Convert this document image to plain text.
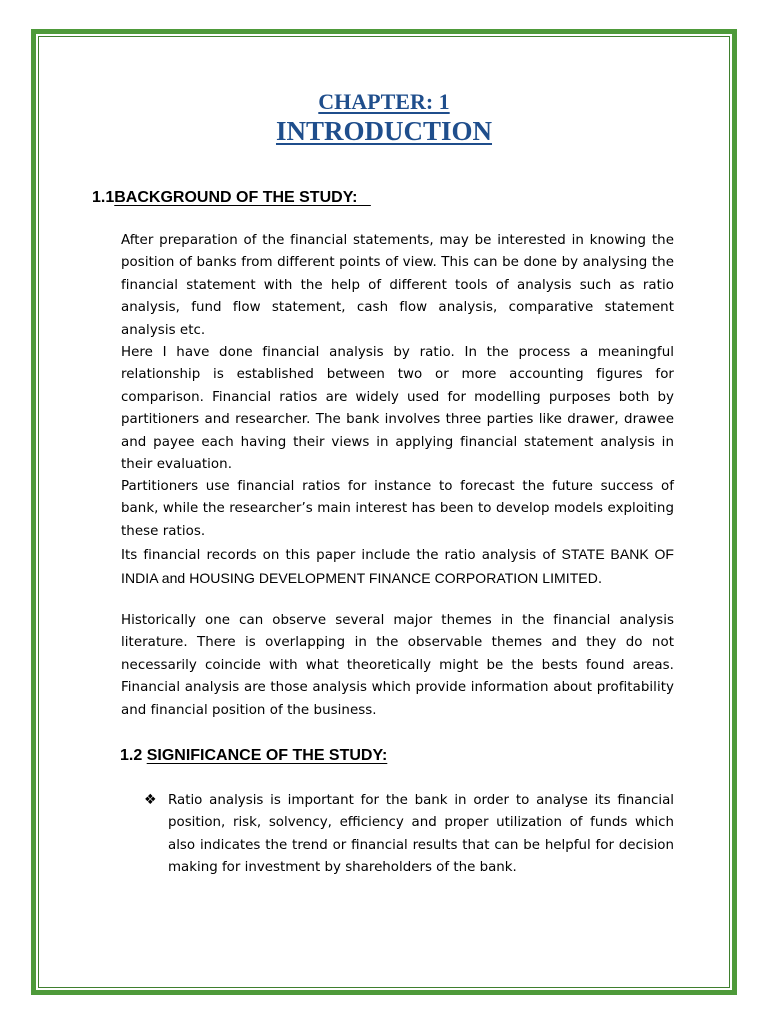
CHAPTER: 1
INTRODUCTION
1.1BACKGROUND OF THE STUDY:
After preparation of the financial statements, may be interested in knowing the position of banks from different points of view. This can be done by analysing the financial statement with the help of different tools of analysis such as ratio analysis, fund flow statement, cash flow analysis, comparative statement analysis etc.
Here I have done financial analysis by ratio. In the process a meaningful relationship is established between two or more accounting figures for comparison. Financial ratios are widely used for modelling purposes both by partitioners and researcher. The bank involves three parties like drawer, drawee and payee each having their views in applying financial statement analysis in their evaluation.
Partitioners use financial ratios for instance to forecast the future success of bank, while the researcher’s main interest has been to develop models exploiting these ratios.
Its financial records on this paper include the ratio analysis of STATE BANK OF INDIA and HOUSING DEVELOPMENT FINANCE CORPORATION LIMITED.
Historically one can observe several major themes in the financial analysis literature. There is overlapping in the observable themes and they do not necessarily coincide with what theoretically might be the bests found areas. Financial analysis are those analysis which provide information about profitability and financial position of the business.
1.2 SIGNIFICANCE OF THE STUDY:
❖ Ratio analysis is important for the bank in order to analyse its financial position, risk, solvency, efficiency and proper utilization of funds which also indicates the trend or financial results that can be helpful for decision making for investment by shareholders of the bank.
